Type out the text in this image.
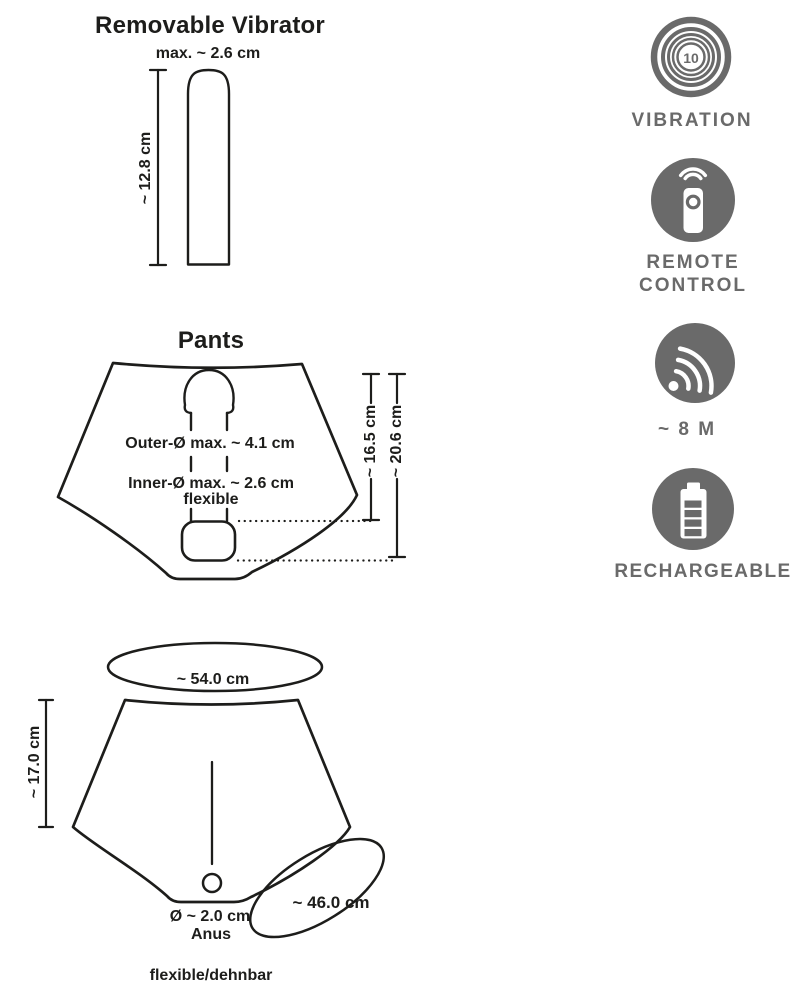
10
Removable Vibrator
max. ~ 2.6 cm
~ 12.8 cm
Pants
Outer-Ø max. ~ 4.1 cm
Inner-Ø max. ~ 2.6 cm
flexible
~ 16.5 cm ~ 20.6 cm
~ 54.0 cm
~ 17.0 cm
Ø ~ 2.0 cm
Anus
~ 46.0 cm
flexible/dehnbar
VIBRATION
REMOTE
CONTROL
~ 8 M
RECHARGEABLE
